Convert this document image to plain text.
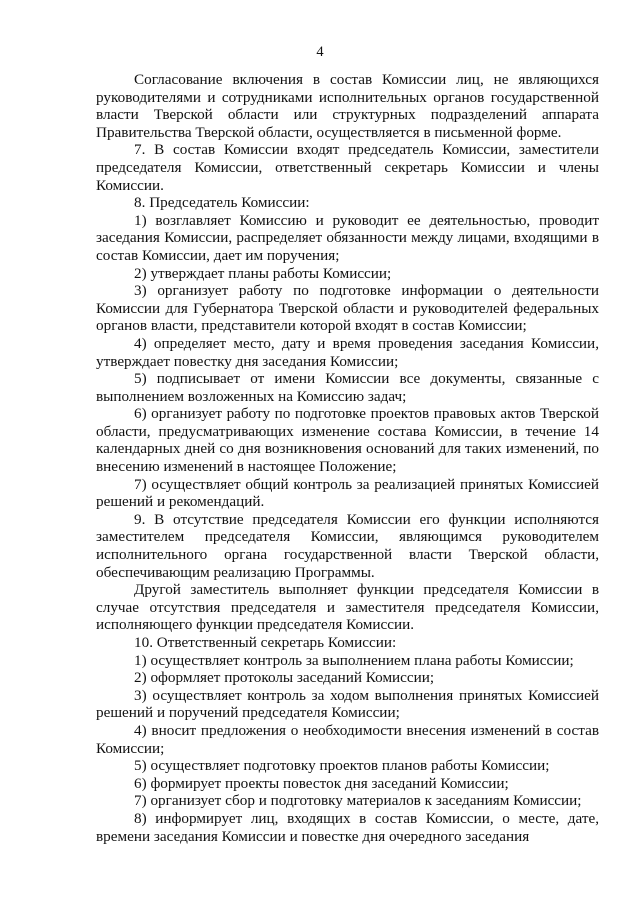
4

Согласование включения в состав Комиссии лиц, не являющихся руководителями и сотрудниками исполнительных органов государственной власти Тверской области или структурных подразделений аппарата Правительства Тверской области, осуществляется в письменной форме.

7. В состав Комиссии входят председатель Комиссии, заместители председателя Комиссии, ответственный секретарь Комиссии и члены Комиссии.

8. Председатель Комиссии:

1) возглавляет Комиссию и руководит ее деятельностью, проводит заседания Комиссии, распределяет обязанности между лицами, входящими в состав Комиссии, дает им поручения;

2) утверждает планы работы Комиссии;

3) организует работу по подготовке информации о деятельности Комиссии для Губернатора Тверской области и руководителей федеральных органов власти, представители которой входят в состав Комиссии;

4) определяет место, дату и время проведения заседания Комиссии, утверждает повестку дня заседания Комиссии;

5) подписывает от имени Комиссии все документы, связанные с выполнением возложенных на Комиссию задач;

6) организует работу по подготовке проектов правовых актов Тверской области, предусматривающих изменение состава Комиссии, в течение 14 календарных дней со дня возникновения оснований для таких изменений, по внесению изменений в настоящее Положение;

7) осуществляет общий контроль за реализацией принятых Комиссией решений и рекомендаций.

9. В отсутствие председателя Комиссии его функции исполняются заместителем председателя Комиссии, являющимся руководителем исполнительного органа государственной власти Тверской области, обеспечивающим реализацию Программы.

Другой заместитель выполняет функции председателя Комиссии в случае отсутствия председателя и заместителя председателя Комиссии, исполняющего функции председателя Комиссии.

10. Ответственный секретарь Комиссии:

1) осуществляет контроль за выполнением плана работы Комиссии;

2) оформляет протоколы заседаний Комиссии;

3) осуществляет контроль за ходом выполнения принятых Комиссией решений и поручений председателя Комиссии;

4) вносит предложения о необходимости внесения изменений в состав Комиссии;

5) осуществляет подготовку проектов планов работы Комиссии;

6) формирует проекты повесток дня заседаний Комиссии;

7) организует сбор и подготовку материалов к заседаниям Комиссии;

8) информирует лиц, входящих в состав Комиссии, о месте, дате, времени заседания Комиссии и повестке дня очередного заседания
